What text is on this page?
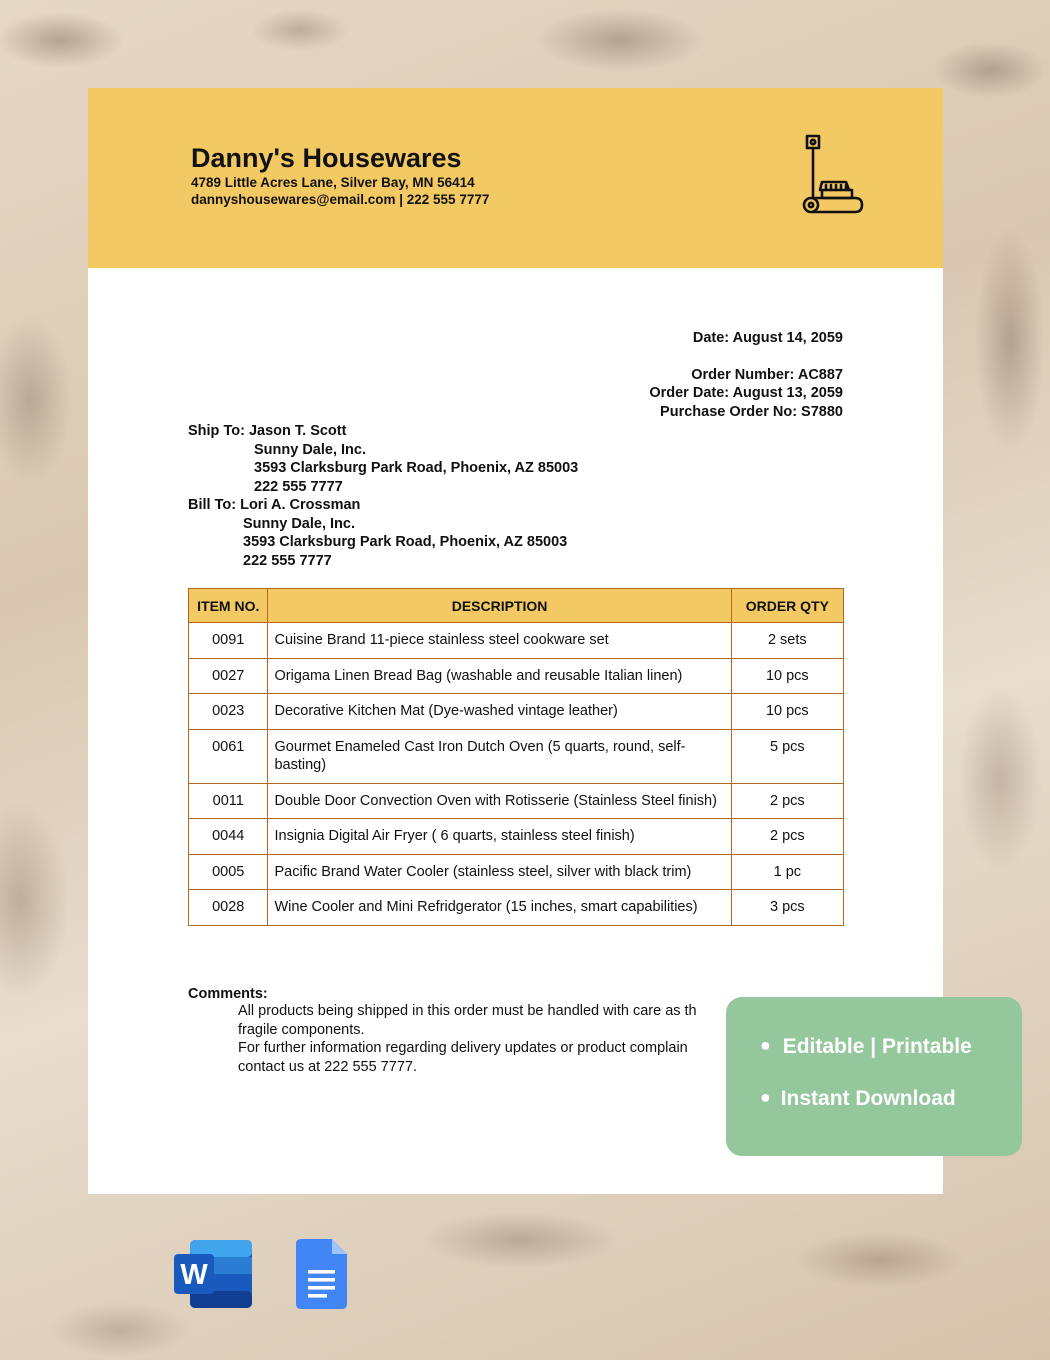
Danny's Housewares
4789 Little Acres Lane, Silver Bay, MN 56414
dannyshousewares@email.com | 222 555 7777
Date: August 14, 2059
Order Number: AC887
Order Date: August 13, 2059
Purchase Order No: S7880
Ship To: Jason T. Scott
Sunny Dale, Inc.
3593 Clarksburg Park Road, Phoenix, AZ 85003
222 555 7777
Bill To: Lori A. Crossman
Sunny Dale, Inc.
3593 Clarksburg Park Road, Phoenix, AZ 85003
222 555 7777
ITEM NO.	DESCRIPTION	ORDER QTY
0091	Cuisine Brand 11-piece stainless steel cookware set	2 sets
0027	Origama Linen Bread Bag (washable and reusable Italian linen)	10 pcs
0023	Decorative Kitchen Mat (Dye-washed vintage leather)	10 pcs
0061	Gourmet Enameled Cast Iron Dutch Oven (5 quarts, round, self-basting)	5 pcs
0011	Double Door Convection Oven with Rotisserie (Stainless Steel finish)	2 pcs
0044	Insignia Digital Air Fryer ( 6 quarts, stainless steel finish)	2 pcs
0005	Pacific Brand Water Cooler (stainless steel, silver with black trim)	1 pc
0028	Wine Cooler and Mini Refridgerator (15 inches, smart capabilities)	3 pcs
Comments:
1. All products being shipped in this order must be handled with care as th
fragile components.
2. For further information regarding delivery updates or product complain
contact us at 222 555 7777.
● Editable | Printable
● Instant Download
W
